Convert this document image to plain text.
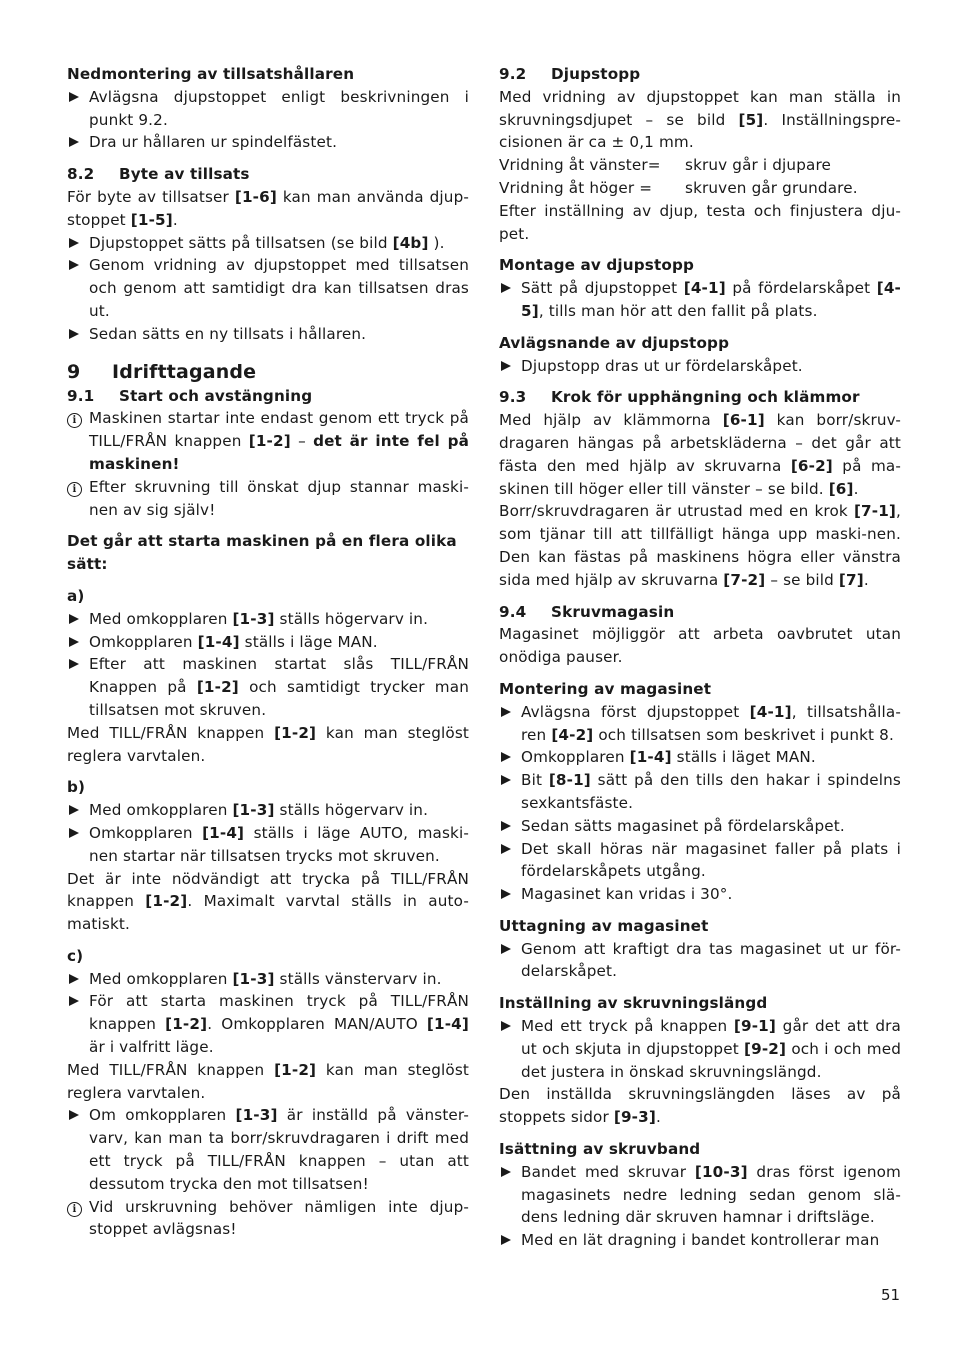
Nedmontering av tillsatshållaren

Avlägsna djupstoppet enligt beskrivningen i punkt 9.2.
Dra ur hållaren ur spindelfästet.

8.2 Byte av tillsats

För byte av tillsatser [1-6] kan man använda djup-stoppet [1-5].

Djupstoppet sätts på tillsatsen (se bild [4b] ).
Genom vridning av djupstoppet med tillsatsen och genom att samtidigt dra kan tillsatsen dras ut.
Sedan sätts en ny tillsats i hållaren.

9 Idrifttagande

9.1 Start och avstängning

i Maskinen startar inte endast genom ett tryck på TILL/FRÅN knappen [1-2] – det är inte fel på maskinen!
i Efter skruvning till önskat djup stannar maski-nen av sig själv!

Det går att starta maskinen på en flera olika sätt:

a)

Med omkopplaren [1-3] ställs högervarv in.
Omkopplaren [1-4] ställs i läge MAN.
Efter att maskinen startat slås TILL/FRÅN Knappen på [1-2] och samtidigt trycker man tillsatsen mot skruven.

Med TILL/FRÅN knappen [1-2] kan man steglöst reglera varvtalen.

b)

Med omkopplaren [1-3] ställs högervarv in.
Omkopplaren [1-4] ställs i läge AUTO, maski-nen startar när tillsatsen trycks mot skruven.

Det är inte nödvändigt att trycka på TILL/FRÅN knappen [1-2]. Maximalt varvtal ställs in auto-matiskt.

c)

Med omkopplaren [1-3] ställs vänstervarv in.
För att starta maskinen tryck på TILL/FRÅN knappen [1-2]. Omkopplaren MAN/AUTO [1-4] är i valfritt läge.

Med TILL/FRÅN knappen [1-2] kan man steglöst reglera varvtalen.

Om omkopplaren [1-3] är inställd på vänster-varv, kan man ta borr/skruvdragaren i drift med ett tryck på TILL/FRÅN knappen – utan att dessutom trycka den mot tillsatsen!
i Vid urskruvning behöver nämligen inte djup-stoppet avlägsnas!

9.2 Djupstopp

Med vridning av djupstoppet kan man ställa in skruvningsdjupet – se bild [5]. Inställningspre-cisionen är ca ± 0,1 mm.

Vridning åt vänster=	skruv går i djupare
Vridning åt höger =	skruven går grundare.

Efter inställning av djup, testa och finjustera dju-pet.

Montage av djupstopp

Sätt på djupstoppet [4-1] på fördelarskåpet [4-5], tills man hör att den fallit på plats.

Avlägsnande av djupstopp

Djupstopp dras ut ur fördelarskåpet.

9.3 Krok för upphängning och klämmor

Med hjälp av klämmorna [6-1] kan borr/skruv-dragaren hängas på arbetskläderna – det går att fästa den med hjälp av skruvarna [6-2] på ma-skinen till höger eller till vänster – se bild. [6].

Borr/skruvdragaren är utrustad med en krok [7-1], som tjänar till att tillfälligt hänga upp maski-nen. Den kan fästas på maskinens högra eller vänstra sida med hjälp av skruvarna [7-2] – se bild [7].

9.4 Skruvmagasin

Magasinet möjliggör att arbeta oavbrutet utan onödiga pauser.

Montering av magasinet

Avlägsna först djupstoppet [4-1], tillsatshålla-ren [4-2] och tillsatsen som beskrivet i punkt 8.
Omkopplaren [1-4] ställs i läget MAN.
Bit [8-1] sätt på den tills den hakar i spindelns sexkantsfäste.
Sedan sätts magasinet på fördelarskåpet.
Det skall höras när magasinet faller på plats i fördelarskåpets utgång.
Magasinet kan vridas i 30°.

Uttagning av magasinet

Genom att kraftigt dra tas magasinet ut ur för-delarskåpet.

Inställning av skruvningslängd

Med ett tryck på knappen [9-1] går det att dra ut och skjuta in djupstoppet [9-2] och i och med det justera in önskad skruvningslängd.

Den inställda skruvningslängden läses av på stoppets sidor [9-3].

Isättning av skruvband

Bandet med skruvar [10-3] dras först igenom magasinets nedre ledning sedan genom slä-dens ledning där skruven hamnar i driftsläge.
Med en lät dragning i bandet kontrollerar man
51
